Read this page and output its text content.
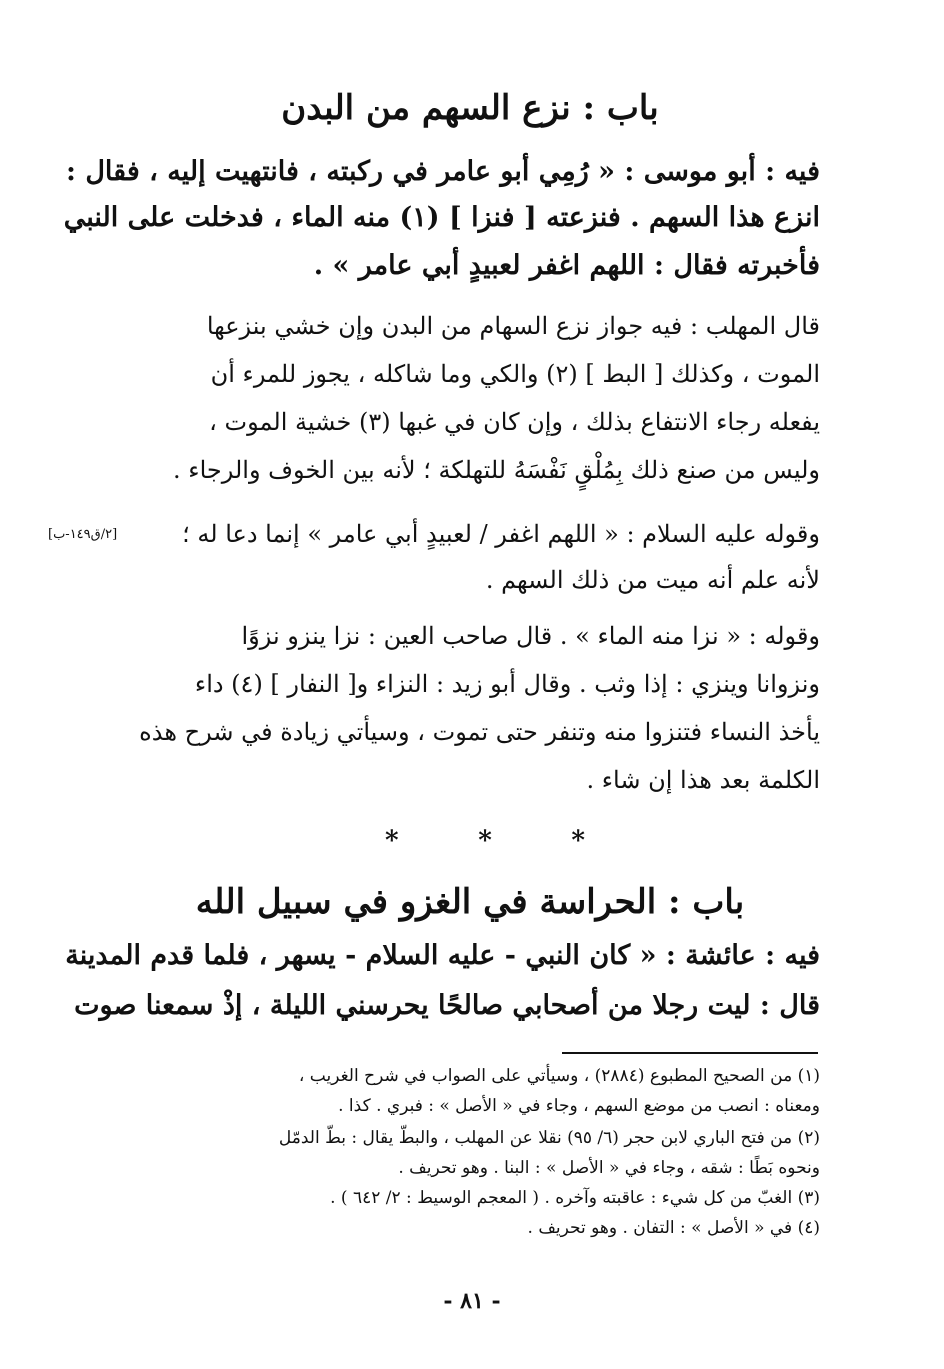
باب : نزع السهم من البدن
فيه : أبو موسى : « رُمِي أبو عامر في ركبته ، فانتهيت إليه ، فقال :
انزع هذا السهم . فنزعته [ فنزا ] (١) منه الماء ، فدخلت على النبي
فأخبرته فقال : اللهم اغفر لعبيدٍ أبي عامر » .
قال المهلب : فيه جواز نزع السهام من البدن وإن خشي بنزعها
الموت ، وكذلك [ البط ] (٢) والكي وما شاكله ، يجوز للمرء أن
يفعله رجاء الانتفاع بذلك ، وإن كان في غبها (٣) خشية الموت ،
وليس من صنع ذلك بِمُلْقٍ نَفْسَهُ للتهلكة ؛ لأنه بين الخوف والرجاء .
وقوله عليه السلام : « اللهم اغفر / لعبيدٍ أبي عامر » إنما دعا له ؛
[٢/ق١٤٩-ب]
لأنه علم أنه ميت من ذلك السهم .
وقوله : « نزا منه الماء » . قال صاحب العين : نزا ينزو نزوًا
ونزوانا وينزي : إذا وثب . وقال أبو زيد : النزاء و[ النفار ] (٤) داء
يأخذ النساء فتنزوا منه وتنفر حتى تموت ، وسيأتي زيادة في شرح هذه
الكلمة بعد هذا إن شاء .
*	*	*
باب : الحراسة في الغزو في سبيل الله
فيه : عائشة : « كان النبي - عليه السلام - يسهر ، فلما قدم المدينة
قال : ليت رجلا من أصحابي صالحًا يحرسني الليلة ، إذْ سمعنا صوت
(١) من الصحيح المطبوع (٢٨٨٤) ، وسيأتي على الصواب في شرح الغريب ،
ومعناه : انصب من موضع السهم ، وجاء في « الأصل » : فبري . كذا .
(٢) من فتح الباري لابن حجر (٦/ ٩٥) نقلا عن المهلب ، والبطّ يقال : بطّ الدمّل
ونحوه بَطًا : شقه ، وجاء في « الأصل » : البنا . وهو تحريف .
(٣) الغبّ من كل شيء : عاقبته وآخره . ( المعجم الوسيط : ٢/ ٦٤٢ ) .
(٤) في « الأصل » : التفان . وهو تحريف .
- ٨١ -
